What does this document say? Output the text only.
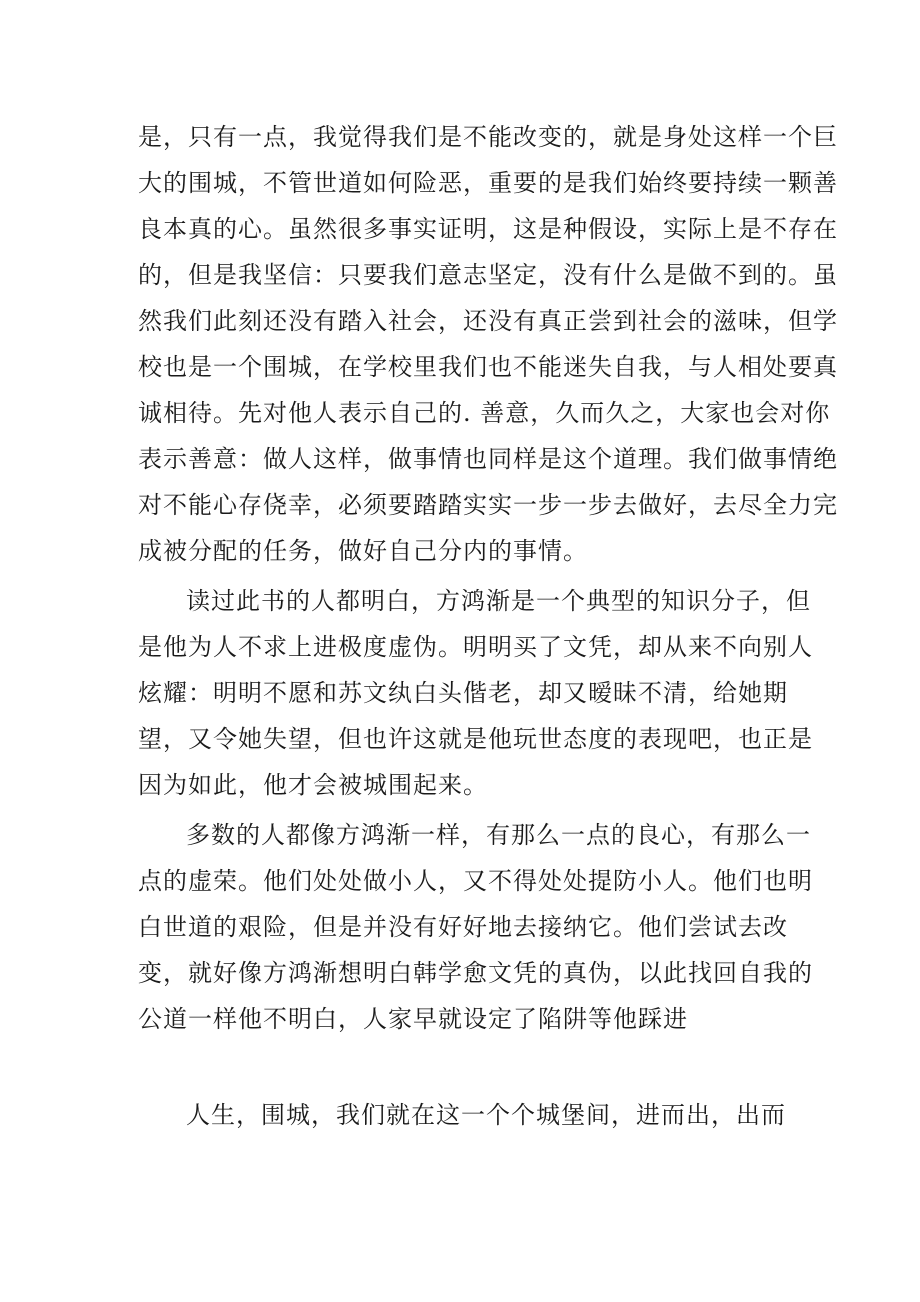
是，只有一点，我觉得我们是不能改变的，就是身处这样一个巨
大的围城，不管世道如何险恶，重要的是我们始终要持续一颗善
良本真的心。虽然很多事实证明，这是种假设，实际上是不存在
的，但是我坚信：只要我们意志坚定，没有什么是做不到的。虽
然我们此刻还没有踏入社会，还没有真正尝到社会的滋味，但学
校也是一个围城，在学校里我们也不能迷失自我，与人相处要真
诚相待。先对他人表示自己的. 善意，久而久之，大家也会对你
表示善意：做人这样，做事情也同样是这个道理。我们做事情绝
对不能心存侥幸，必须要踏踏实实一步一步去做好，去尽全力完
成被分配的任务，做好自己分内的事情。
读过此书的人都明白，方鸿渐是一个典型的知识分子，但
是他为人不求上进极度虚伪。明明买了文凭，却从来不向别人
炫耀：明明不愿和苏文纨白头偕老，却又暧昧不清，给她期
望，又令她失望，但也许这就是他玩世态度的表现吧，也正是
因为如此，他才会被城围起来。
多数的人都像方鸿渐一样，有那么一点的良心，有那么一
点的虚荣。他们处处做小人，又不得处处提防小人。他们也明
白世道的艰险，但是并没有好好地去接纳它。他们尝试去改
变，就好像方鸿渐想明白韩学愈文凭的真伪，以此找回自我的
公道一样他不明白，人家早就设定了陷阱等他踩进
人生，围城，我们就在这一个个城堡间，进而出，出而
